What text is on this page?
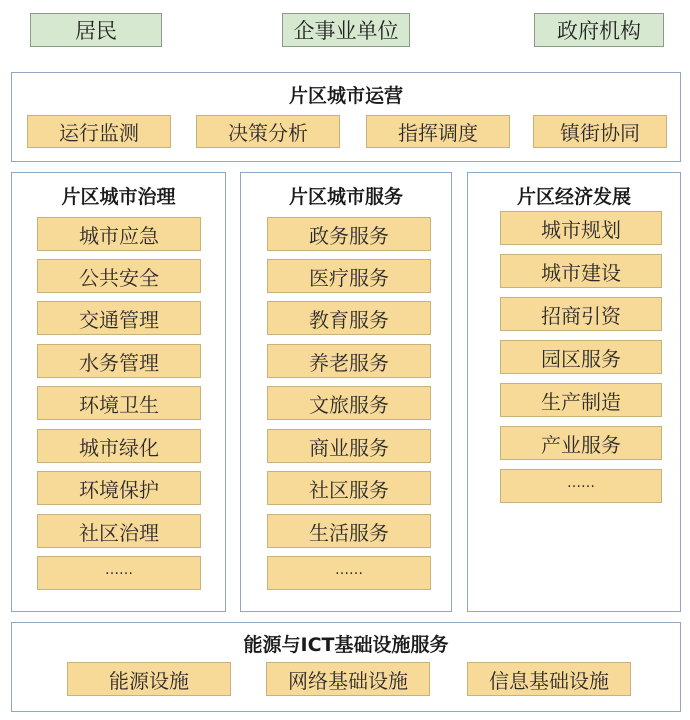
居民	企事业单位	政府机构
片区城市运营
运行监测	决策分析	指挥调度	镇街协同
片区城市治理
城市应急
公共安全
交通管理
水务管理
环境卫生
城市绿化
环境保护
社区治理
……
片区城市服务
政务服务
医疗服务
教育服务
养老服务
文旅服务
商业服务
社区服务
生活服务
……
片区经济发展
城市规划
城市建设
招商引资
园区服务
生产制造
产业服务
……
能源与ICT基础设施服务
能源设施	网络基础设施	信息基础设施
